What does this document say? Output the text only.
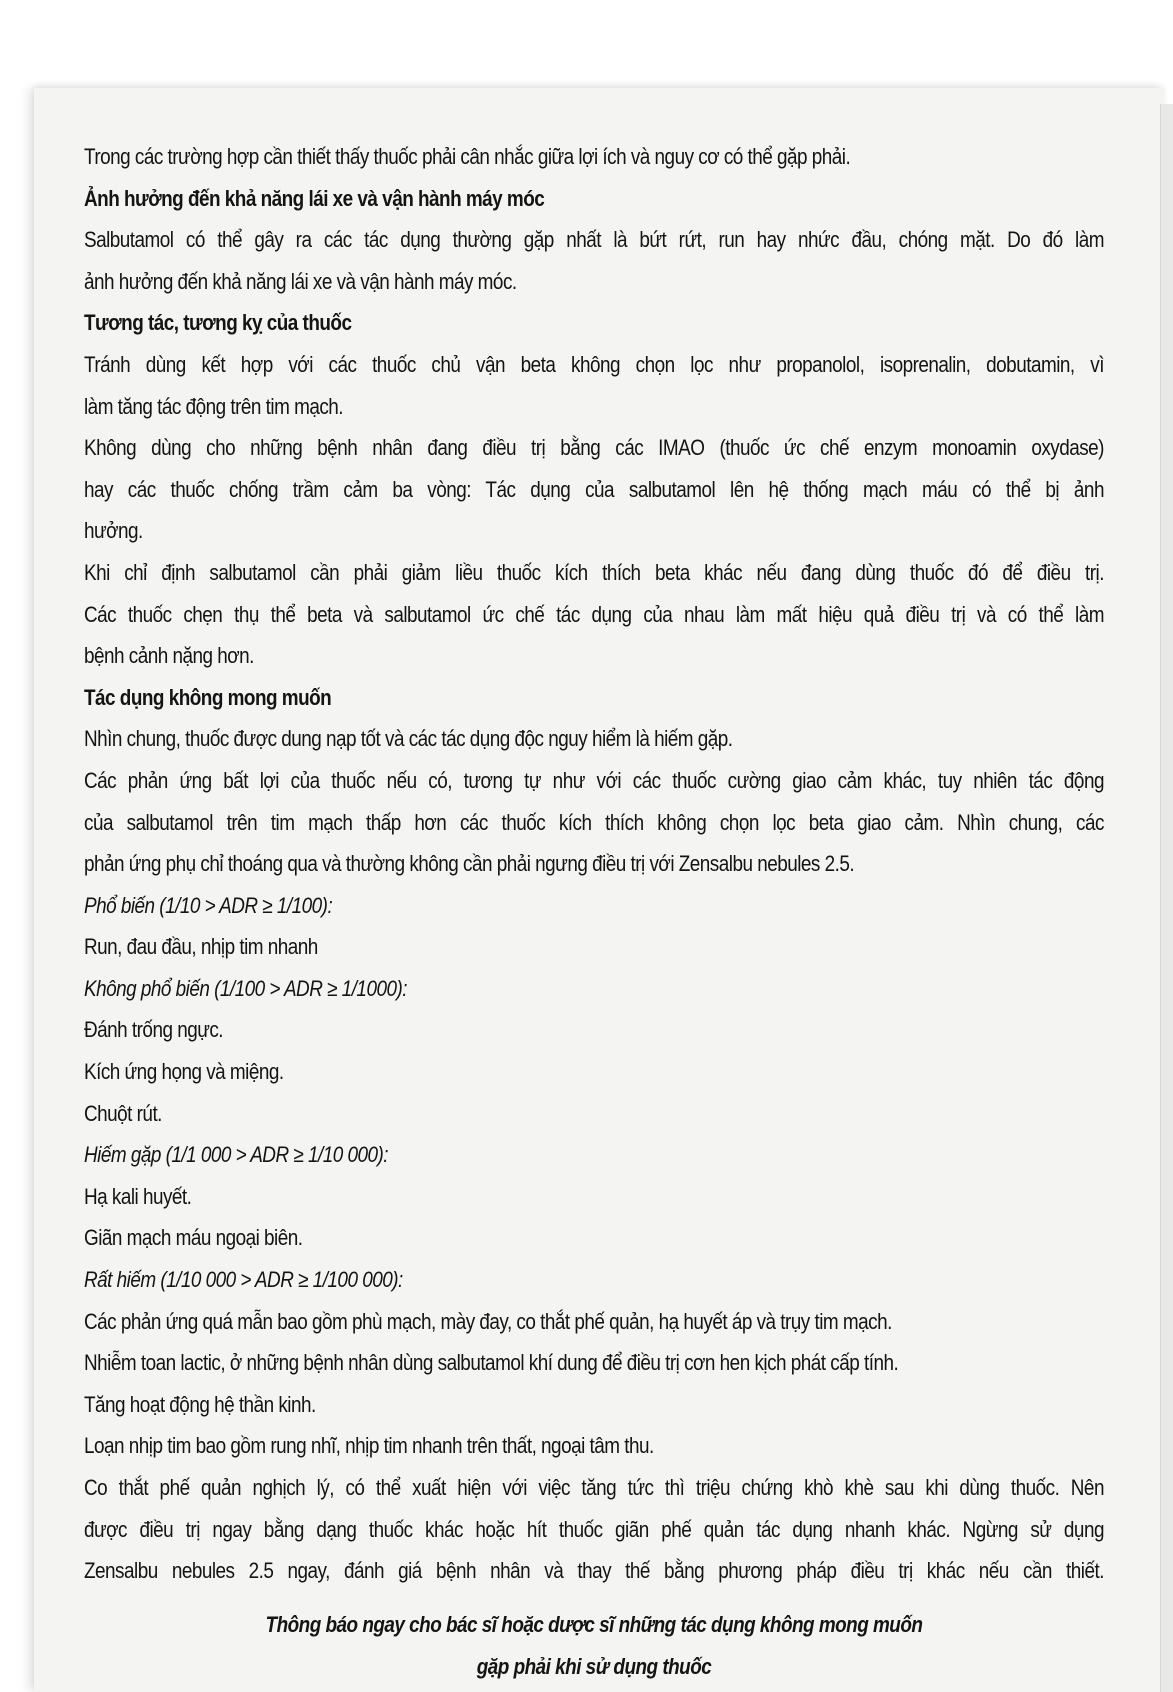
Trong các trường hợp cần thiết thấy thuốc phải cân nhắc giữa lợi ích và nguy cơ có thể gặp phải.
Ảnh hưởng đến khả năng lái xe và vận hành máy móc
Salbutamol có thể gây ra các tác dụng thường gặp nhất là bứt rứt, run hay nhức đầu, chóng mặt. Do đó làm
ảnh hưởng đến khả năng lái xe và vận hành máy móc.
Tương tác, tương kỵ của thuốc
Tránh dùng kết hợp với các thuốc chủ vận beta không chọn lọc như propanolol, isoprenalin, dobutamin, vì
làm tăng tác động trên tim mạch.
Không dùng cho những bệnh nhân đang điều trị bằng các IMAO (thuốc ức chế enzym monoamin oxydase)
hay các thuốc chống trầm cảm ba vòng: Tác dụng của salbutamol lên hệ thống mạch máu có thể bị ảnh
hưởng.
Khi chỉ định salbutamol cần phải giảm liều thuốc kích thích beta khác nếu đang dùng thuốc đó để điều trị.
Các thuốc chẹn thụ thể beta và salbutamol ức chế tác dụng của nhau làm mất hiệu quả điều trị và có thể làm
bệnh cảnh nặng hơn.
Tác dụng không mong muốn
Nhìn chung, thuốc được dung nạp tốt và các tác dụng độc nguy hiểm là hiếm gặp.
Các phản ứng bất lợi của thuốc nếu có, tương tự như với các thuốc cường giao cảm khác, tuy nhiên tác động
của salbutamol trên tim mạch thấp hơn các thuốc kích thích không chọn lọc beta giao cảm. Nhìn chung, các
phản ứng phụ chỉ thoáng qua và thường không cần phải ngưng điều trị với Zensalbu nebules 2.5.
Phổ biến (1/10 > ADR ≥ 1/100):
Run, đau đầu, nhịp tim nhanh
Không phổ biến (1/100 > ADR ≥ 1/1000):
Đánh trống ngực.
Kích ứng họng và miệng.
Chuột rút.
Hiếm gặp (1/1 000 > ADR ≥ 1/10 000):
Hạ kali huyết.
Giãn mạch máu ngoại biên.
Rất hiếm (1/10 000 > ADR ≥ 1/100 000):
Các phản ứng quá mẫn bao gồm phù mạch, mày đay, co thắt phế quản, hạ huyết áp và trụy tim mạch.
Nhiễm toan lactic, ở những bệnh nhân dùng salbutamol khí dung để điều trị cơn hen kịch phát cấp tính.
Tăng hoạt động hệ thần kinh.
Loạn nhịp tim bao gồm rung nhĩ, nhịp tim nhanh trên thất, ngoại tâm thu.
Co thắt phế quản nghịch lý, có thể xuất hiện với việc tăng tức thì triệu chứng khò khè sau khi dùng thuốc. Nên
được điều trị ngay bằng dạng thuốc khác hoặc hít thuốc giãn phế quản tác dụng nhanh khác. Ngừng sử dụng
Zensalbu nebules 2.5 ngay, đánh giá bệnh nhân và thay thế bằng phương pháp điều trị khác nếu cần thiết.
Thông báo ngay cho bác sĩ hoặc dược sĩ những tác dụng không mong muốn
gặp phải khi sử dụng thuốc
